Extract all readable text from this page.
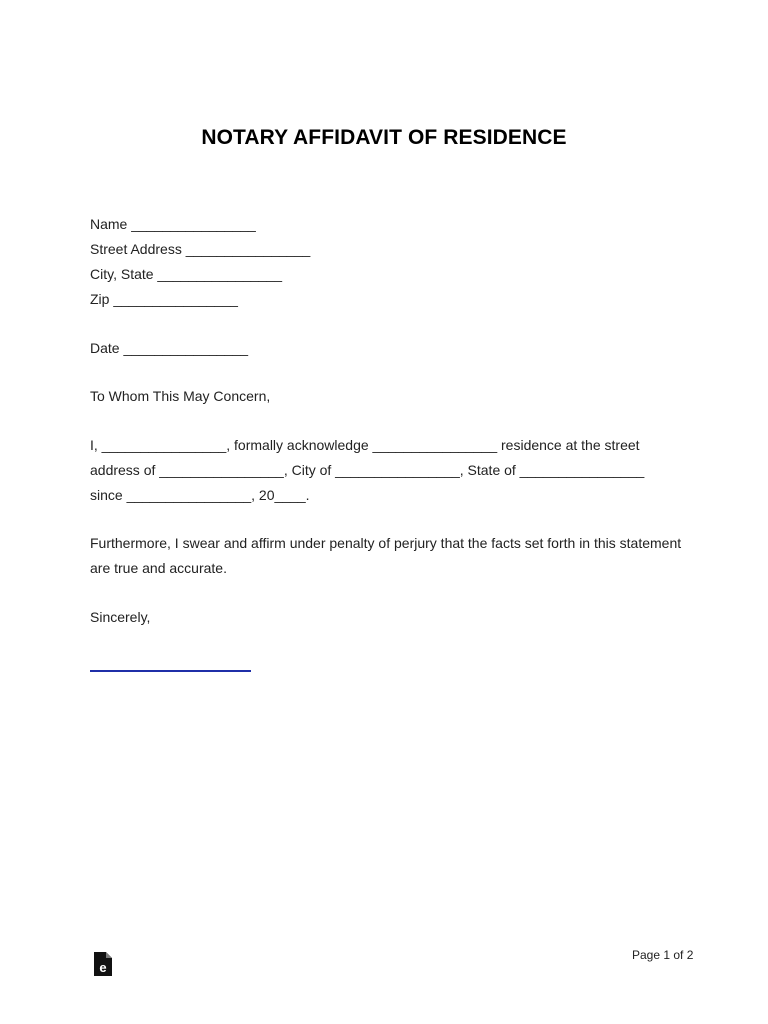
NOTARY AFFIDAVIT OF RESIDENCE
Name ________________
Street Address ________________
City, State ________________
Zip ________________
Date ________________
To Whom This May Concern,
I, ________________, formally acknowledge ________________ residence at the street
address of ________________, City of ________________, State of ________________
since ________________, 20____.
Furthermore, I swear and affirm under penalty of perjury that the facts set forth in this statement
are true and accurate.
Sincerely,
e
Page 1 of 2
